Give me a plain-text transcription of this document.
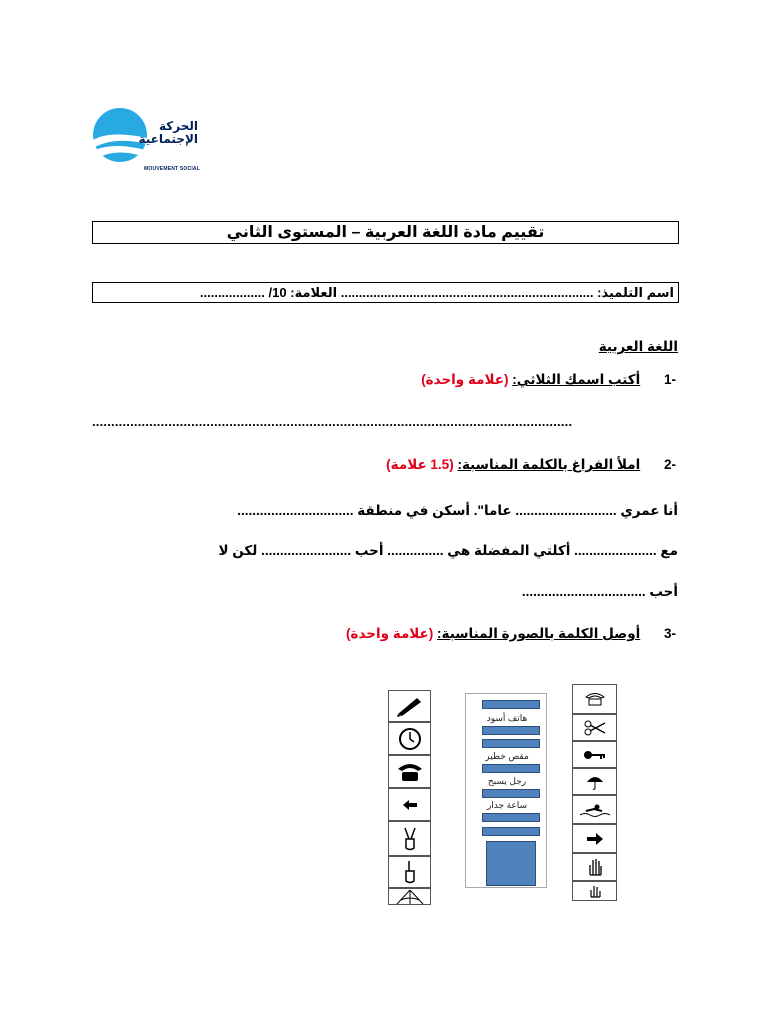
الحركة الإجتماعية
MOUVEMENT SOCIAL
تقييم مادة اللغة العربية – المستوى الثاني
اسم التلميذ: ...................................................................... العلامة: 10/ ..................
اللغة العربية
-1 أكتب اسمك الثلاثي: (علامة واحدة)
..............................................................................................................................
-2 املأ الفراغ بالكلمة المناسبة: (1.5 علامة)
أنا عمري ........................... عاما". أسكن في منطقة ...............................
مع ...................... أكلتي المفضلة هي ............... أحب ........................ لكن لا
أحب .................................
-3 أوصل الكلمة بالصورة المناسبة: (علامة واحدة)
هاتف أسود
مقص خطير
رجل يسبح
ساعة جدار
